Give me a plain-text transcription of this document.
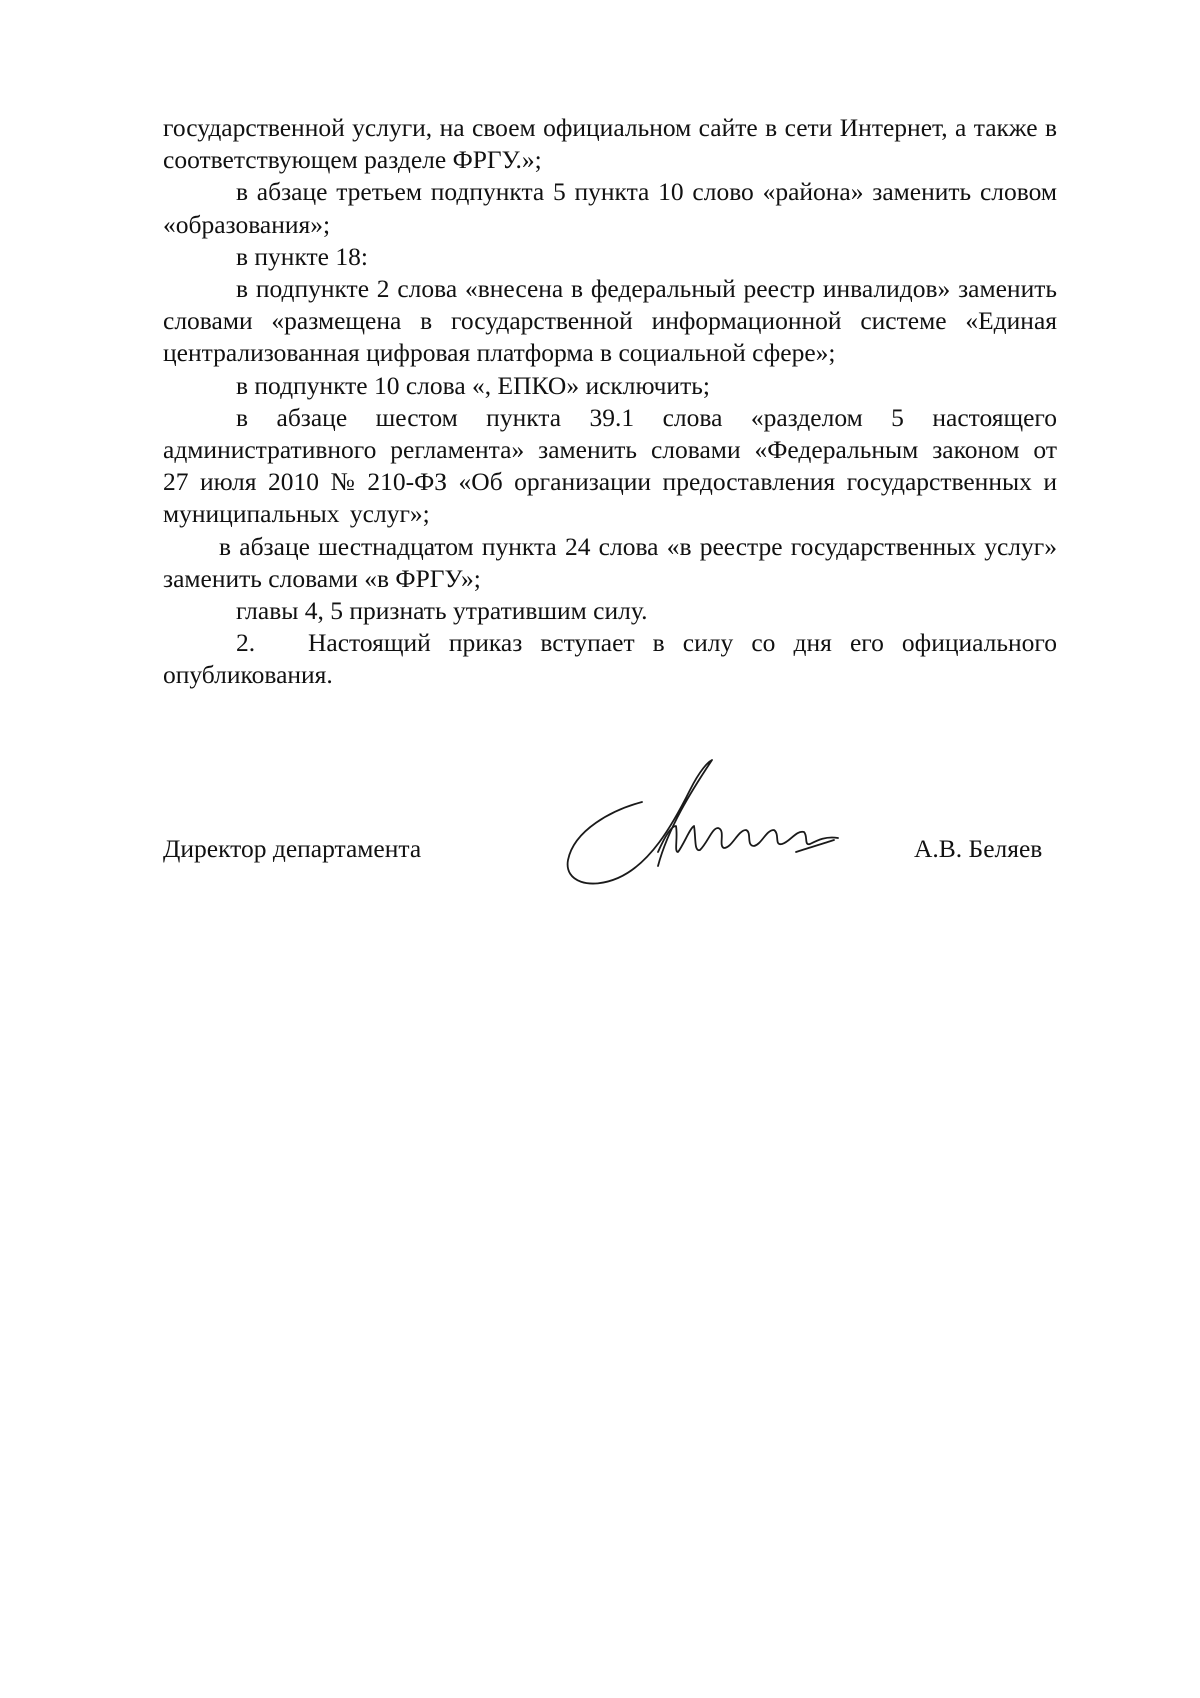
государственной услуги, на своем официальном сайте в сети Интернет, а также в соответствующем разделе ФРГУ.»;

в абзаце третьем подпункта 5 пункта 10 слово «района» заменить словом «образования»;

в пункте 18:

в подпункте 2 слова «внесена в федеральный реестр инвалидов» заменить словами «размещена в государственной информационной системе «Единая централизованная цифровая платформа в социальной сфере»;

в подпункте 10 слова «, ЕПКО» исключить;

в абзаце шестом пункта 39.1 слова «разделом 5 настоящего административного регламента» заменить словами «Федеральным законом от 27 июля 2010 № 210-ФЗ «Об организации предоставления государственных и муниципальных услуг»;

в абзаце шестнадцатом пункта 24 слова «в реестре государственных услуг» заменить словами «в ФРГУ»;

главы 4, 5 признать утратившим силу.

2. Настоящий приказ вступает в силу со дня его официального опубликования.

Директор департамента	А.В. Беляев
